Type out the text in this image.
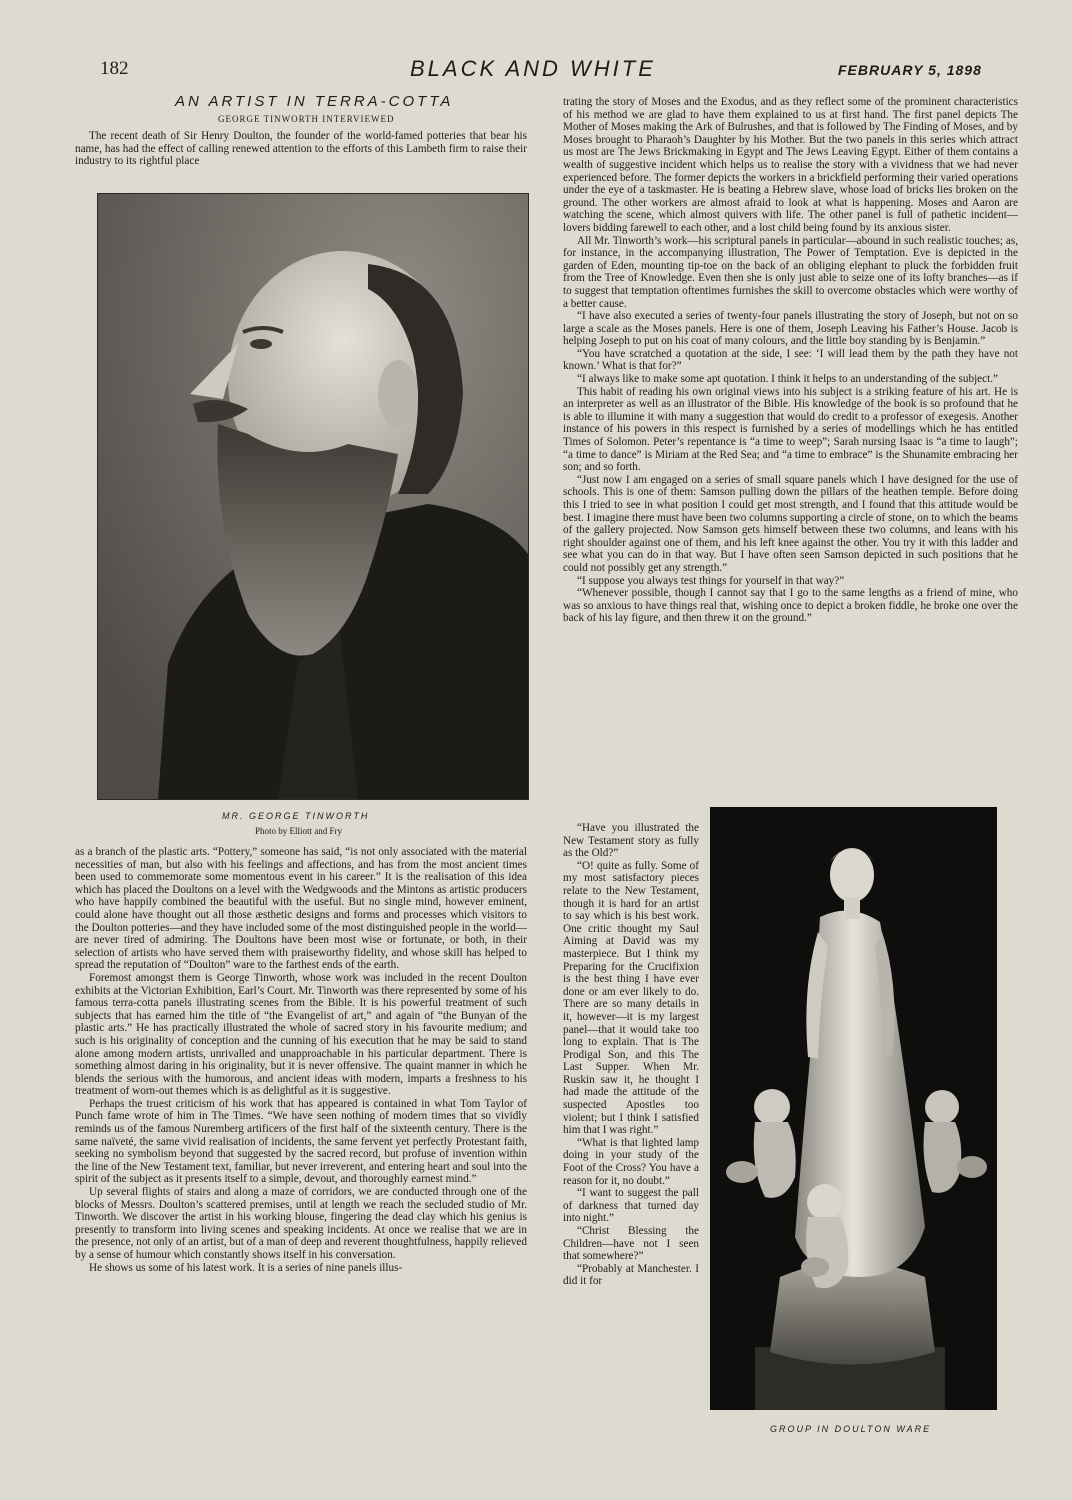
182	BLACK AND WHITE	FEBRUARY 5, 1898
AN ARTIST IN TERRA-COTTA
GEORGE TINWORTH INTERVIEWED

The recent death of Sir Henry Doulton, the founder of the world-famed potteries that bear his name, has had the effect of calling renewed attention to the efforts of this Lambeth firm to raise their industry to its rightful place

MR. GEORGE TINWORTH
Photo by Elliott and Fry

as a branch of the plastic arts. “Pottery,” someone has said, “is not only associated with the material necessities of man, but also with his feelings and affections, and has from the most ancient times been used to commemorate some momentous event in his career.” It is the realisation of this idea which has placed the Doultons on a level with the Wedgwoods and the Mintons as artistic producers who have happily combined the beautiful with the useful. But no single mind, however eminent, could alone have thought out all those æsthetic designs and forms and processes which visitors to the Doulton potteries—and they have included some of the most distinguished people in the world—are never tired of admiring. The Doultons have been most wise or fortunate, or both, in their selection of artists who have served them with praiseworthy fidelity, and whose skill has helped to spread the reputation of “Doulton” ware to the farthest ends of the earth.

Foremost amongst them is George Tinworth, whose work was included in the recent Doulton exhibits at the Victorian Exhibition, Earl’s Court. Mr. Tinworth was there represented by some of his famous terra-cotta panels illustrating scenes from the Bible. It is his powerful treatment of such subjects that has earned him the title of “the Evangelist of art,” and again of “the Bunyan of the plastic arts.” He has practically illustrated the whole of sacred story in his favourite medium; and such is his originality of conception and the cunning of his execution that he may be said to stand alone among modern artists, unrivalled and unapproachable in his particular department. There is something almost daring in his originality, but it is never offensive. The quaint manner in which he blends the serious with the humorous, and ancient ideas with modern, imparts a freshness to his treatment of worn-out themes which is as delightful as it is suggestive.

Perhaps the truest criticism of his work that has appeared is contained in what Tom Taylor of Punch fame wrote of him in The Times. “We have seen nothing of modern times that so vividly reminds us of the famous Nuremberg artificers of the first half of the sixteenth century. There is the same naïveté, the same vivid realisation of incidents, the same fervent yet perfectly Protestant faith, seeking no symbolism beyond that suggested by the sacred record, but profuse of invention within the line of the New Testament text, familiar, but never irreverent, and entering heart and soul into the spirit of the subject as it presents itself to a simple, devout, and thoroughly earnest mind.”

Up several flights of stairs and along a maze of corridors, we are conducted through one of the blocks of Messrs. Doulton’s scattered premises, until at length we reach the secluded studio of Mr. Tinworth. We discover the artist in his working blouse, fingering the dead clay which his genius is presently to transform into living scenes and speaking incidents. At once we realise that we are in the presence, not only of an artist, but of a man of deep and reverent thoughtfulness, happily relieved by a sense of humour which constantly shows itself in his conversation.

He shows us some of his latest work. It is a series of nine panels illus-

trating the story of Moses and the Exodus, and as they reflect some of the prominent characteristics of his method we are glad to have them explained to us at first hand. The first panel depicts The Mother of Moses making the Ark of Bulrushes, and that is followed by The Finding of Moses, and by Moses brought to Pharaoh’s Daughter by his Mother. But the two panels in this series which attract us most are The Jews Brickmaking in Egypt and The Jews Leaving Egypt. Either of them contains a wealth of suggestive incident which helps us to realise the story with a vividness that we had never experienced before. The former depicts the workers in a brickfield performing their varied operations under the eye of a taskmaster. He is beating a Hebrew slave, whose load of bricks lies broken on the ground. The other workers are almost afraid to look at what is happening. Moses and Aaron are watching the scene, which almost quivers with life. The other panel is full of pathetic incident—lovers bidding farewell to each other, and a lost child being found by its anxious sister.

All Mr. Tinworth’s work—his scriptural panels in particular—abound in such realistic touches; as, for instance, in the accompanying illustration, The Power of Temptation. Eve is depicted in the garden of Eden, mounting tip-toe on the back of an obliging elephant to pluck the forbidden fruit from the Tree of Knowledge. Even then she is only just able to seize one of its lofty branches—as if to suggest that temptation oftentimes furnishes the skill to overcome obstacles which were worthy of a better cause.

“I have also executed a series of twenty-four panels illustrating the story of Joseph, but not on so large a scale as the Moses panels. Here is one of them, Joseph Leaving his Father’s House. Jacob is helping Joseph to put on his coat of many colours, and the little boy standing by is Benjamin.”

“You have scratched a quotation at the side, I see: ‘I will lead them by the path they have not known.’ What is that for?”

“I always like to make some apt quotation. I think it helps to an understanding of the subject.”

This habit of reading his own original views into his subject is a striking feature of his art. He is an interpreter as well as an illustrator of the Bible. His knowledge of the book is so profound that he is able to illumine it with many a suggestion that would do credit to a professor of exegesis. Another instance of his powers in this respect is furnished by a series of modellings which he has entitled Times of Solomon. Peter’s repentance is “a time to weep”; Sarah nursing Isaac is “a time to laugh”; “a time to dance” is Miriam at the Red Sea; and “a time to embrace” is the Shunamite embracing her son; and so forth.

“Just now I am engaged on a series of small square panels which I have designed for the use of schools. This is one of them: Samson pulling down the pillars of the heathen temple. Before doing this I tried to see in what position I could get most strength, and I found that this attitude would be best. I imagine there must have been two columns supporting a circle of stone, on to which the beams of the gallery projected. Now Samson gets himself between these two columns, and leans with his right shoulder against one of them, and his left knee against the other. You try it with this ladder and see what you can do in that way. But I have often seen Samson depicted in such positions that he could not possibly get any strength.”

“I suppose you always test things for yourself in that way?”

“Whenever possible, though I cannot say that I go to the same lengths as a friend of mine, who was so anxious to have things real that, wishing once to depict a broken fiddle, he broke one over the back of his lay figure, and then threw it on the ground.”

“Have you illustrated the New Testament story as fully as the Old?”

“O! quite as fully. Some of my most satisfactory pieces relate to the New Testament, though it is hard for an artist to say which is his best work. One critic thought my Saul Aiming at David was my masterpiece. But I think my Preparing for the Crucifixion is the best thing I have ever done or am ever likely to do. There are so many details in it, however—it is my largest panel—that it would take too long to explain. That is The Prodigal Son, and this The Last Supper. When Mr. Ruskin saw it, he thought I had made the attitude of the suspected Apostles too violent; but I think I satisfied him that I was right.”

“What is that lighted lamp doing in your study of the Foot of the Cross? You have a reason for it, no doubt.”

“I want to suggest the pall of darkness that turned day into night.”

“Christ Blessing the Children—have not I seen that somewhere?”

“Probably at Manchester. I did it for

GROUP IN DOULTON WARE
